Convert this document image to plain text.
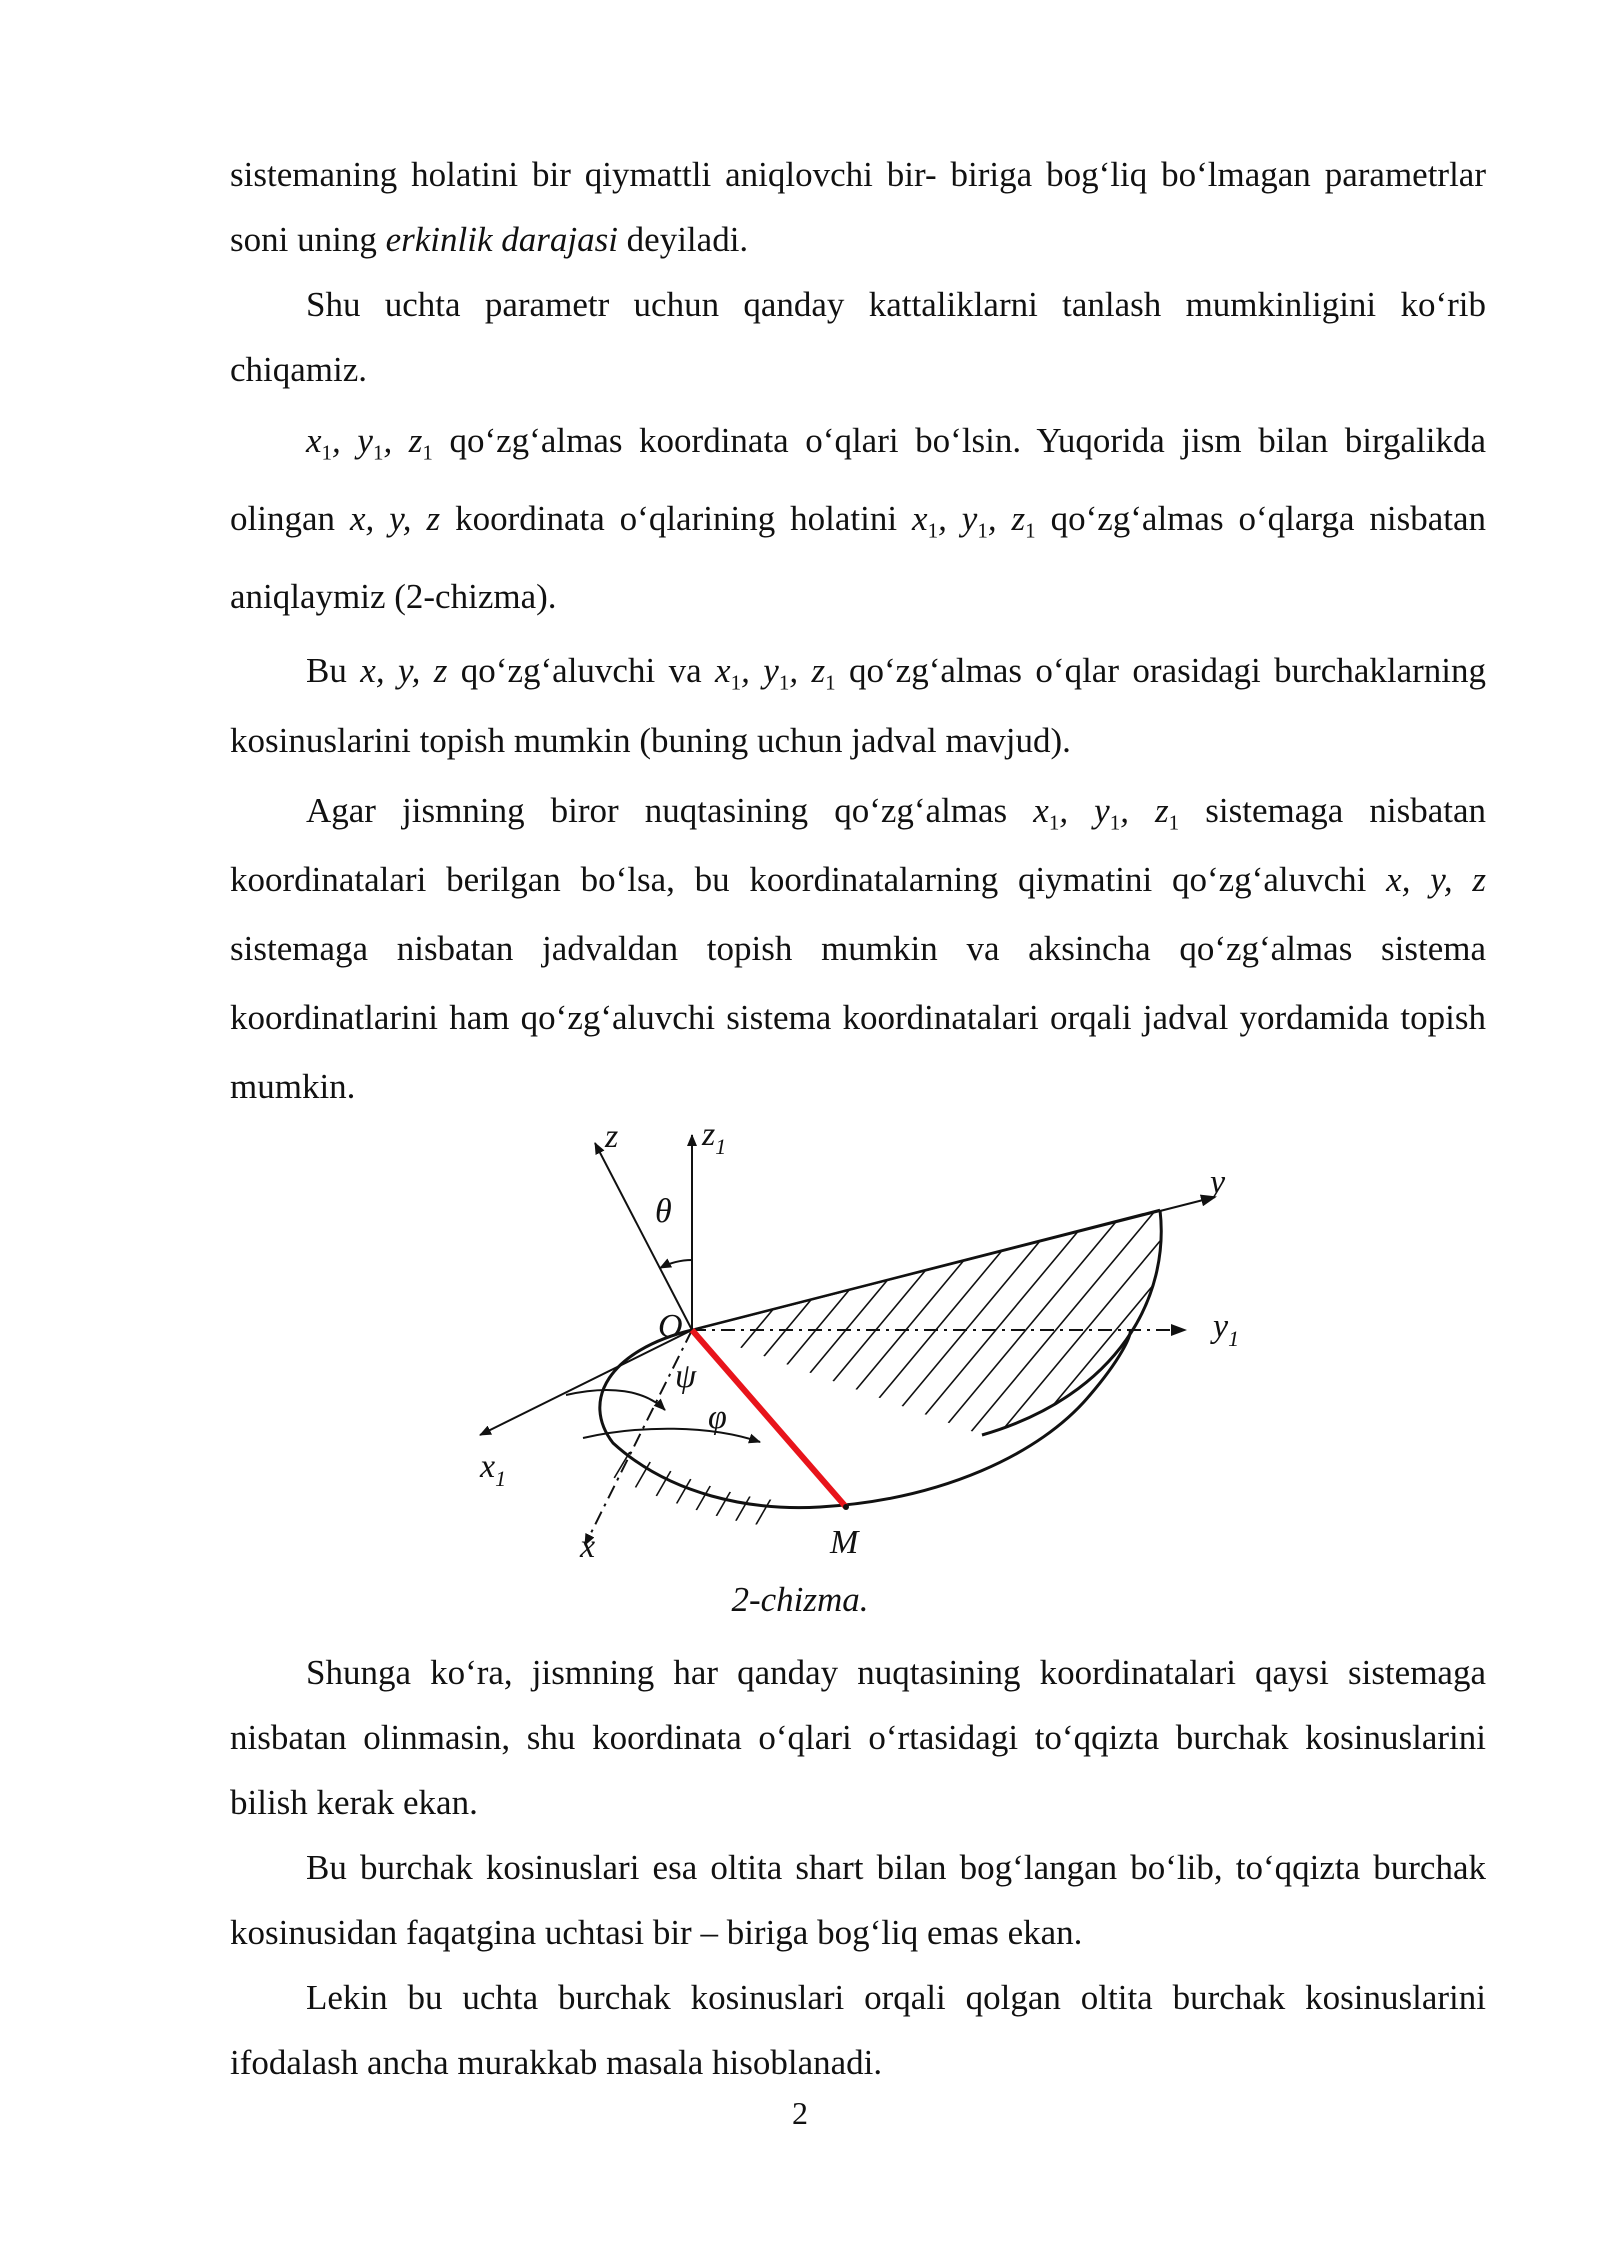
sistemaning holatini bir qiymattli aniqlovchi bir- biriga bog‘liq bo‘lmagan parametrlar soni uning erkinlik darajasi deyiladi.

Shu uchta parametr uchun qanday kattaliklarni tanlash mumkinligini ko‘rib chiqamiz.

$x_1$, $y_1$, $z_1$ qo‘zg‘almas koordinata o‘qlari bo‘lsin. Yuqorida jism bilan birgalikda olingan x, y, z koordinata o‘qlarining holatini $x_1$, $y_1$, $z_1$ qo‘zg‘almas o‘qlarga nisbatan aniqlaymiz (2-chizma).

Bu x, y, z qo‘zg‘aluvchi va $x_1$, $y_1$, $z_1$ qo‘zg‘almas o‘qlar orasidagi burchaklarning kosinuslarini topish mumkin (buning uchun jadval mavjud).

Agar jismning biror nuqtasining qo‘zg‘almas $x_1$, $y_1$, $z_1$ sistemaga nisbatan koordinatalari berilgan bo‘lsa, bu koordinatalarning qiymatini qo‘zg‘aluvchi x, y, z sistemaga nisbatan jadvaldan topish mumkin va aksincha qo‘zg‘almas sistema koordinatlarini ham qo‘zg‘aluvchi sistema koordinatalari orqali jadval yordamida topish mumkin.

z $z_1$
θ
y
$y_1$
O
ψ
φ
$x_1$
x	M
2-chizma.

Shunga ko‘ra, jismning har qanday nuqtasining koordinatalari qaysi sistemaga nisbatan olinmasin, shu koordinata o‘qlari o‘rtasidagi to‘qqizta burchak kosinuslarini bilish kerak ekan.

Bu burchak kosinuslari esa oltita shart bilan bog‘langan bo‘lib, to‘qqizta burchak kosinusidan faqatgina uchtasi bir – biriga bog‘liq emas ekan.

Lekin bu uchta burchak kosinuslari orqali qolgan oltita burchak kosinuslarini ifodalash ancha murakkab masala hisoblanadi.

2
